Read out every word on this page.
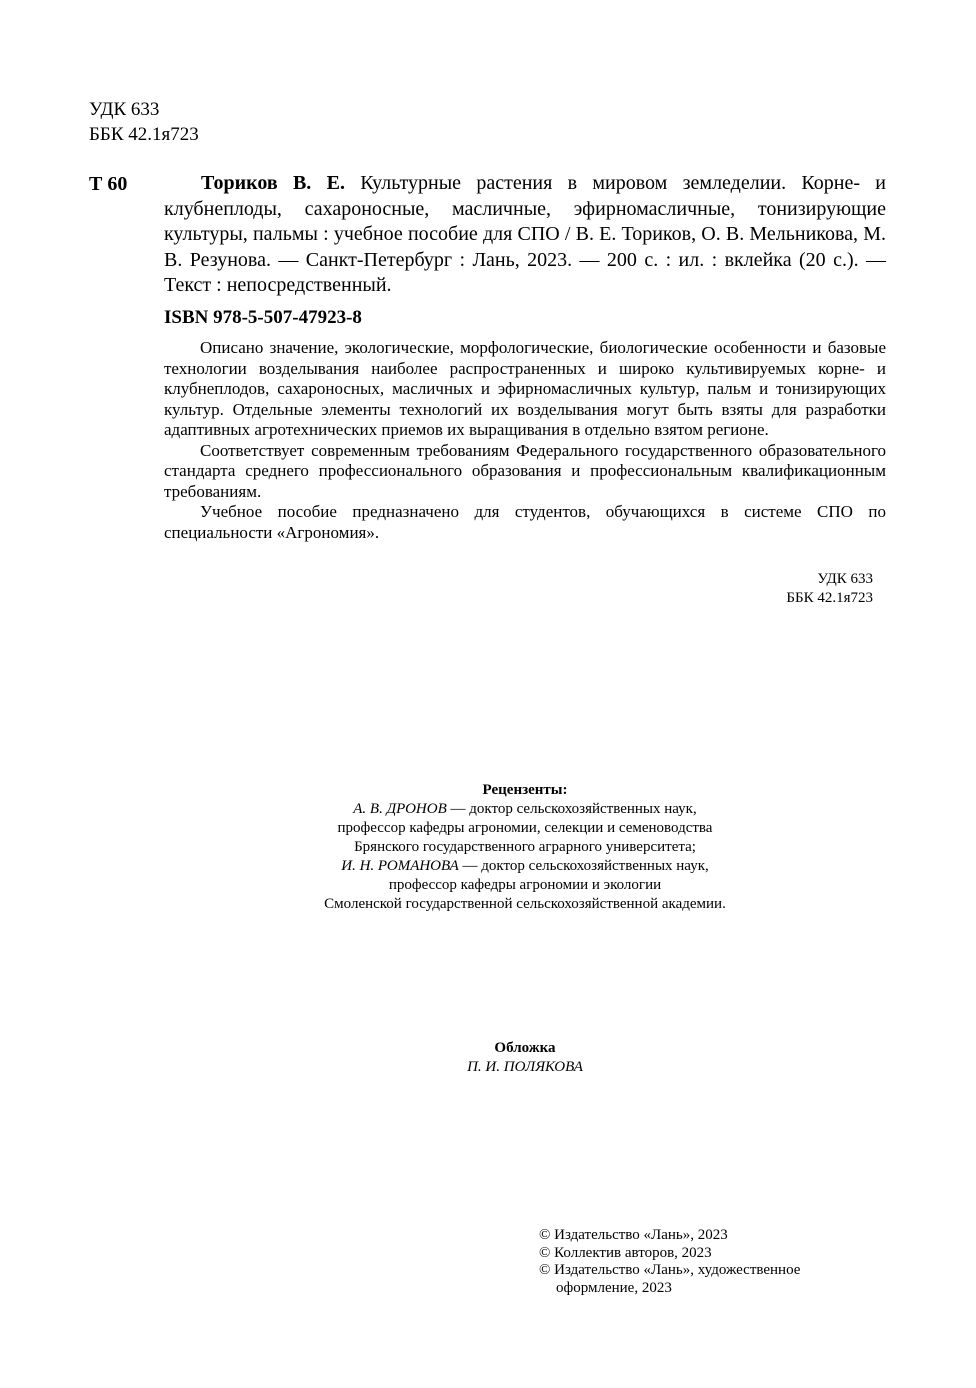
УДК 633
ББК 42.1я723
Т 60	Ториков В. Е. Культурные растения в мировом земледелии. Корне- и клубнеплоды, сахароносные, масличные, эфирномасличные, тонизирующие культуры, пальмы : учебное пособие для СПО / В. Е. Ториков, О. В. Мельникова, М. В. Резунова. — Санкт-Петербург : Лань, 2023. — 200 с. : ил. : вклейка (20 с.). — Текст : непосредственный.
ISBN 978-5-507-47923-8

Описано значение, экологические, морфологические, биологические особенности и базовые технологии возделывания наиболее распространенных и широко культивируемых корне- и клубнеплодов, сахароносных, масличных и эфирномасличных культур, пальм и тонизирующих культур. Отдельные элементы технологий их возделывания могут быть взяты для разработки адаптивных агротехнических приемов их выращивания в отдельно взятом регионе.

Соответствует современным требованиям Федерального государственного образовательного стандарта среднего профессионального образования и профессиональным квалификационным требованиям.

Учебное пособие предназначено для студентов, обучающихся в системе СПО по специальности «Агрономия».

УДК 633
ББК 42.1я723
Рецензенты:
А. В. ДРОНОВ — доктор сельскохозяйственных наук,
профессор кафедры агрономии, селекции и семеноводства
Брянского государственного аграрного университета;
И. Н. РОМАНОВА — доктор сельскохозяйственных наук,
профессор кафедры агрономии и экологии
Смоленской государственной сельскохозяйственной академии.
Обложка
П. И. ПОЛЯКОВА
© Издательство «Лань», 2023
© Коллектив авторов, 2023
© Издательство «Лань», художественное
оформление, 2023
